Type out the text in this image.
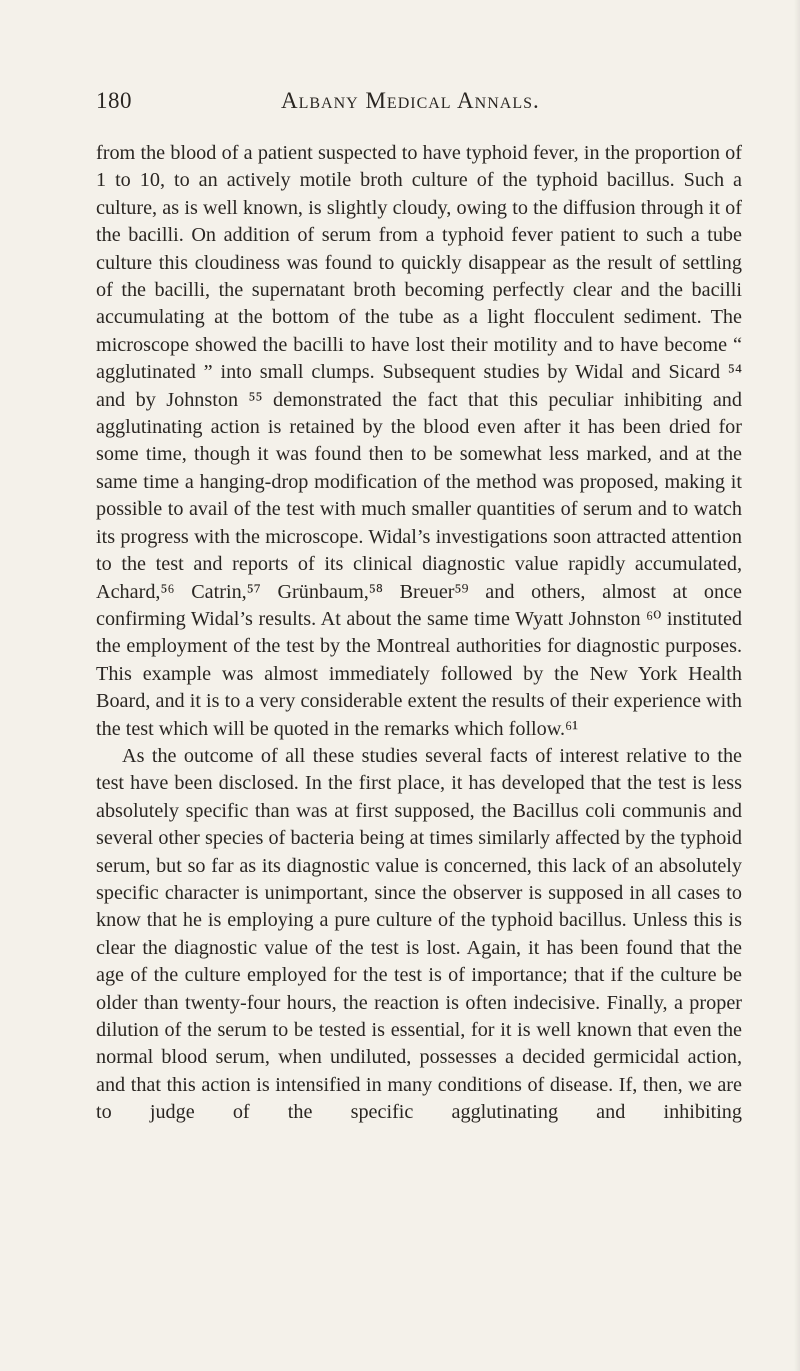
180	Albany Medical Annals.

from the blood of a patient suspected to have typhoid fever, in the proportion of 1 to 10, to an actively motile broth culture of the typhoid bacillus. Such a culture, as is well known, is slightly cloudy, owing to the diffusion through it of the bacilli. On addition of serum from a typhoid fever patient to such a tube culture this cloudiness was found to quickly disappear as the result of settling of the bacilli, the supernatant broth becoming perfectly clear and the bacilli accumulating at the bottom of the tube as a light flocculent sediment. The microscope showed the bacilli to have lost their motility and to have become “ agglutinated ” into small clumps. Subsequent studies by Widal and Sicard ⁵⁴ and by Johnston ⁵⁵ demonstrated the fact that this peculiar inhibiting and agglutinating action is retained by the blood even after it has been dried for some time, though it was found then to be somewhat less marked, and at the same time a hanging-drop modification of the method was proposed, making it possible to avail of the test with much smaller quantities of serum and to watch its progress with the microscope. Widal’s investigations soon attracted attention to the test and reports of its clinical diagnostic value rapidly accumulated, Achard,⁵⁶ Catrin,⁵⁷ Grünbaum,⁵⁸ Breuer⁵⁹ and others, almost at once confirming Widal’s results. At about the same time Wyatt Johnston ⁶⁰ instituted the employment of the test by the Montreal authorities for diagnostic purposes. This example was almost immediately followed by the New York Health Board, and it is to a very considerable extent the results of their experience with the test which will be quoted in the remarks which follow.⁶¹

As the outcome of all these studies several facts of interest relative to the test have been disclosed. In the first place, it has developed that the test is less absolutely specific than was at first supposed, the Bacillus coli communis and several other species of bacteria being at times similarly affected by the typhoid serum, but so far as its diagnostic value is concerned, this lack of an absolutely specific character is unimportant, since the observer is supposed in all cases to know that he is employing a pure culture of the typhoid bacillus. Unless this is clear the diagnostic value of the test is lost. Again, it has been found that the age of the culture employed for the test is of importance; that if the culture be older than twenty-four hours, the reaction is often indecisive. Finally, a proper dilution of the serum to be tested is essential, for it is well known that even the normal blood serum, when undiluted, possesses a decided germicidal action, and that this action is intensified in many conditions of disease. If, then, we are to judge of the specific agglutinating and inhibiting
